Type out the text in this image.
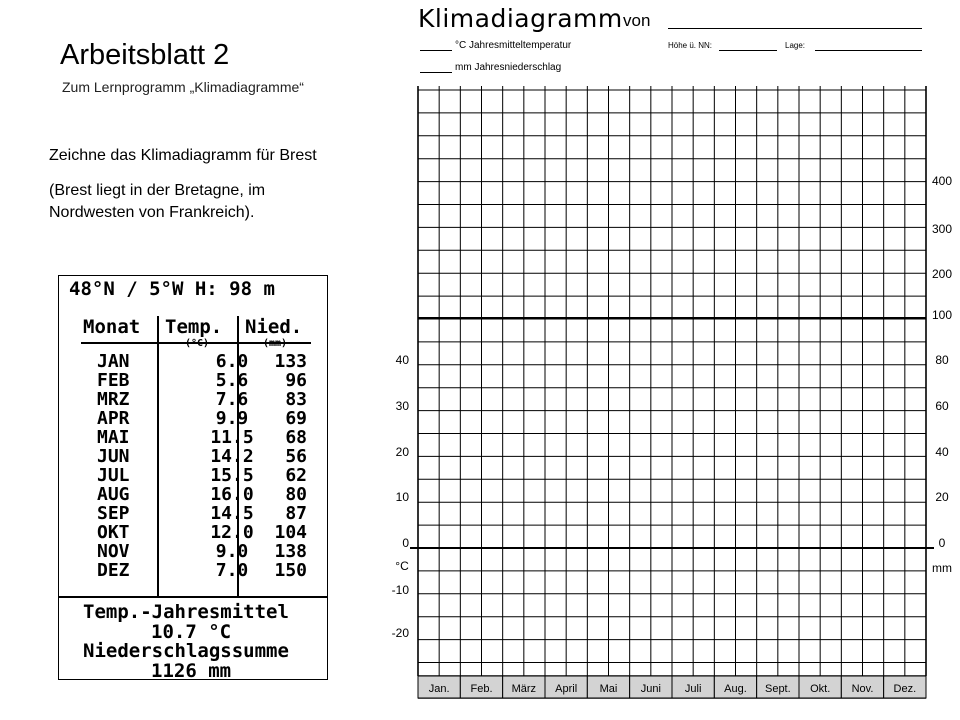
Arbeitsblatt 2
Zum Lernprogramm „Klimadiagramme“
Zeichne das Klimadiagramm für Brest
(Brest liegt in der Bretagne, im Nordwesten von Frankreich).
48°N / 5°W H: 98 m
Monat Temp. Nied.
JAN	6.0	133
FEB	5.6	96
MRZ	7.6	83
APR	9.9	69
MAI	11.5	68
JUN	14.2	56
JUL	15.5	62
AUG	16.0	80
SEP	14.5	87
OKT	12.0	104
NOV	9.0	138
DEZ	7.0	150
Temp.-Jahresmittel
10.7 °C
Niederschlagssumme
1126 mm
Klimadiagramm von
°C Jahresmitteltemperatur
mm Jahresniederschlag
Höhe ü. NN:	Lage:
40
30
20
10
0
-10
-20
°C
400
300
200
100
80
60
40
20
0
mm
Jan. Feb. März April Mai Juni Juli Aug. Sept. Okt. Nov. Dez.
